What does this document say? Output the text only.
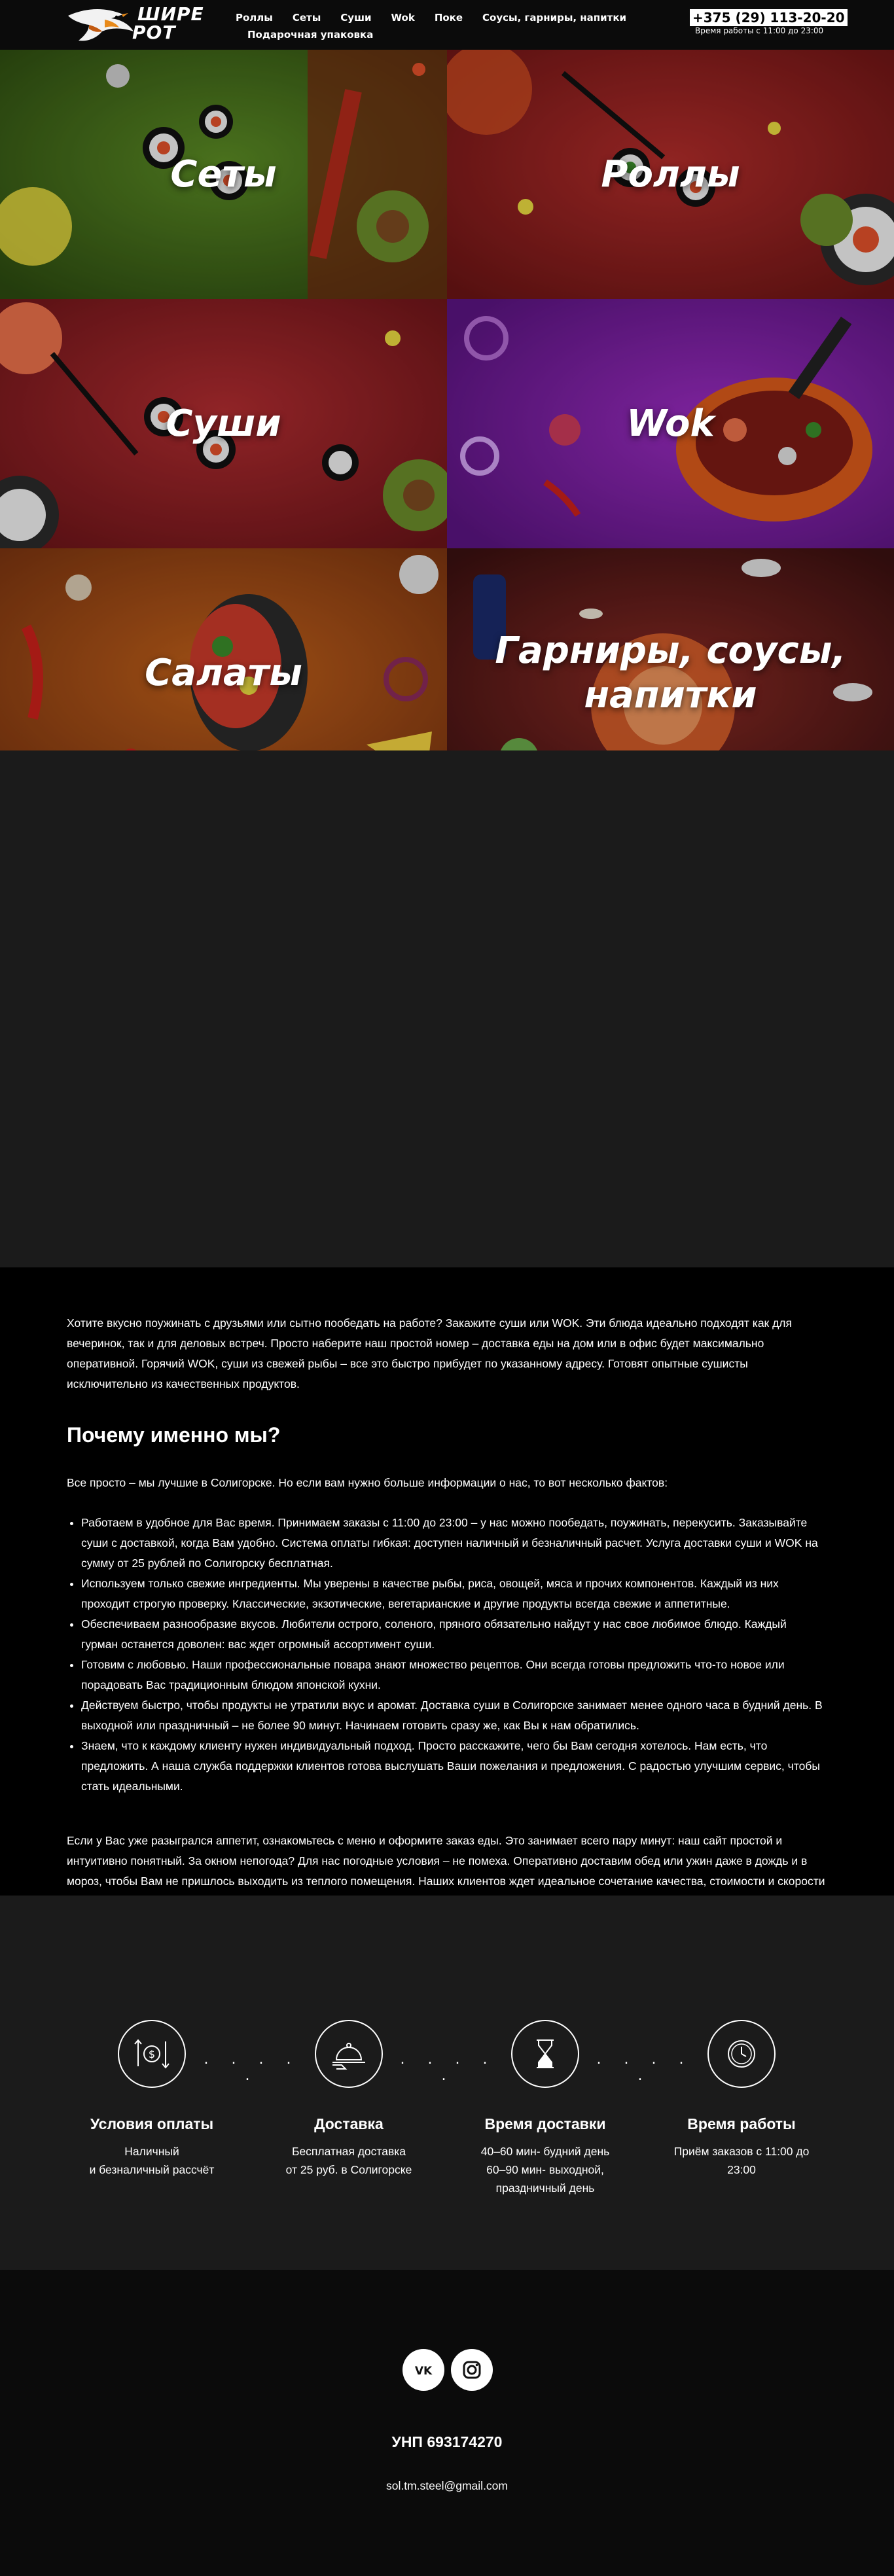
ШИРЕ
РОТ
Роллы Сеты Суши Wok Поке Соусы, гарниры, напитки
Подарочная упаковка
+375 (29) 113-20-20
Время работы с 11:00 до 23:00
Сеты	Роллы
Суши	Wok
Салаты
Гарниры, соусы, напитки

Хотите вкусно поужинать с друзьями или сытно пообедать на работе? Закажите суши или WOK. Эти блюда идеально подходят как для вечеринок, так и для деловых встреч. Просто наберите наш простой номер – доставка еды на дом или в офис будет максимально оперативной. Горячий WOK, суши из свежей рыбы – все это быстро прибудет по указанному адресу. Готовят опытные сушисты исключительно из качественных продуктов.

Почему именно мы?

Все просто – мы лучшие в Солигорске. Но если вам нужно больше информации о нас, то вот несколько фактов:

• Работаем в удобное для Вас время. Принимаем заказы с 11:00 до 23:00 – у нас можно пообедать, поужинать, перекусить. Заказывайте суши с доставкой, когда Вам удобно. Система оплаты гибкая: доступен наличный и безналичный расчет. Услуга доставки суши и WOK на сумму от 25 рублей по Солигорску бесплатная.
• Используем только свежие ингредиенты. Мы уверены в качестве рыбы, риса, овощей, мяса и прочих компонентов. Каждый из них проходит строгую проверку. Классические, экзотические, вегетарианские и другие продукты всегда свежие и аппетитные.
• Обеспечиваем разнообразие вкусов. Любители острого, соленого, пряного обязательно найдут у нас свое любимое блюдо. Каждый гурман останется доволен: вас ждет огромный ассортимент суши.
• Готовим с любовью. Наши профессиональные повара знают множество рецептов. Они всегда готовы предложить что-то новое или порадовать Вас традиционным блюдом японской кухни.
• Действуем быстро, чтобы продукты не утратили вкус и аромат. Доставка суши в Солигорске занимает менее одного часа в будний день. В выходной или праздничный – не более 90 минут. Начинаем готовить сразу же, как Вы к нам обратились.
• Знаем, что к каждому клиенту нужен индивидуальный подход. Просто расскажите, чего бы Вам сегодня хотелось. Нам есть, что предложить. А наша служба поддержки клиентов готова выслушать Ваши пожелания и предложения. С радостью улучшим сервис, чтобы стать идеальными.

Если у Вас уже разыгрался аппетит, ознакомьтесь с меню и оформите заказ еды. Это занимает всего пару минут: наш сайт простой и интуитивно понятный. За окном непогода? Для нас погодные условия – не помеха. Оперативно доставим обед или ужин даже в дождь и в мороз, чтобы Вам не пришлось выходить из теплого помещения. Наших клиентов ждет идеальное сочетание качества, стоимости и скорости

$
Условия оплаты

Наличный
и безналичный рассчёт

. . . . .
Доставка

Бесплатная доставка
от 25 руб. в Солигорске

. . . . .
Время доставки

40–60 мин- будний день
60–90 мин- выходной,
праздничный день

. . . . .
Время работы

Приём заказов с 11:00 до
23:00

VK
УНП 693174270
sol.tm.steel@gmail.com
